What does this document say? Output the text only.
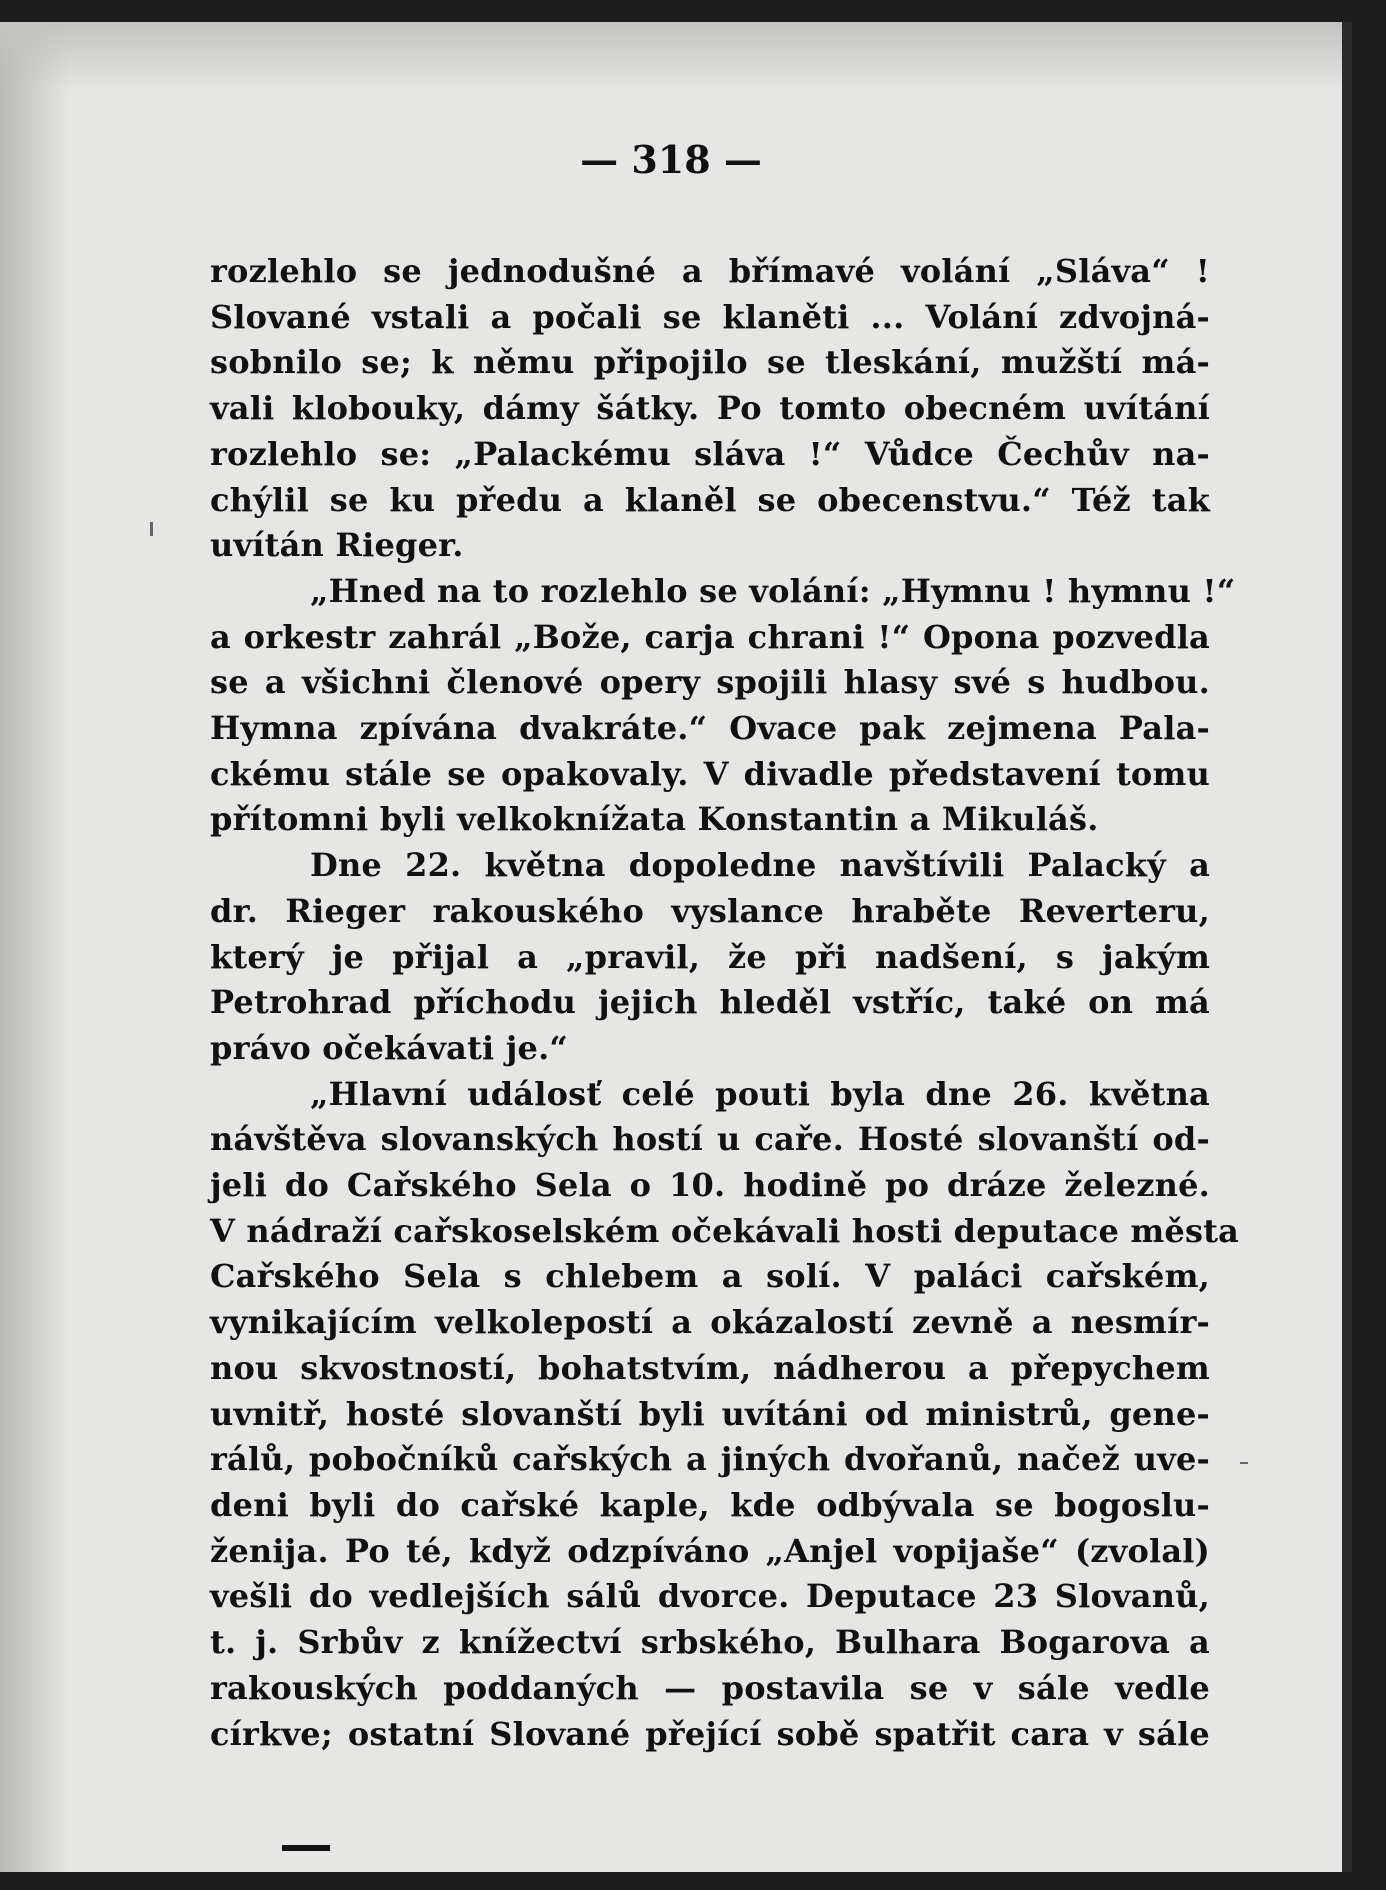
— 318 —
rozlehlo se jednodušné a břímavé volání „Sláva“ !
Slované vstali a počali se klaněti ... Volání zdvojná-
sobnilo se; k němu připojilo se tleskání, mužští má-
vali klobouky, dámy šátky. Po tomto obecném uvítání
rozlehlo se: „Palackému sláva !“ Vůdce Čechův na-
chýlil se ku předu a klaněl se obecenstvu.“ Též tak
uvítán Rieger.
„Hned na to rozlehlo se volání: „Hymnu ! hymnu !“
a orkestr zahrál „Bože, carja chrani !“ Opona pozvedla
se a všichni členové opery spojili hlasy své s hudbou.
Hymna zpívána dvakráte.“ Ovace pak zejmena Pala-
ckému stále se opakovaly. V divadle představení tomu
přítomni byli velkoknížata Konstantin a Mikuláš.
Dne 22. května dopoledne navštívili Palacký a
dr. Rieger rakouského vyslance hraběte Reverteru,
který je přijal a „pravil, že při nadšení, s jakým
Petrohrad příchodu jejich hleděl vstříc, také on má
právo očekávati je.“
„Hlavní událosť celé pouti byla dne 26. května
návštěva slovanských hostí u caře. Hosté slovanští od-
jeli do Cařského Sela o 10. hodině po dráze železné.
V nádraží cařskoselském očekávali hosti deputace města
Cařského Sela s chlebem a solí. V paláci cařském,
vynikajícím velkolepostí a okázalostí zevně a nesmír-
nou skvostností, bohatstvím, nádherou a přepychem
uvnitř, hosté slovanští byli uvítáni od ministrů, gene-
rálů, pobočníků cařských a jiných dvořanů, načež uve-
deni byli do cařské kaple, kde odbývala se bogoslu-
ženija. Po té, když odzpíváno „Anjel vopijaše“ (zvolal)
vešli do vedlejších sálů dvorce. Deputace 23 Slovanů,
t. j. Srbův z knížectví srbského, Bulhara Bogarova a
rakouských poddaných — postavila se v sále vedle
církve; ostatní Slované přející sobě spatřit cara v sále
